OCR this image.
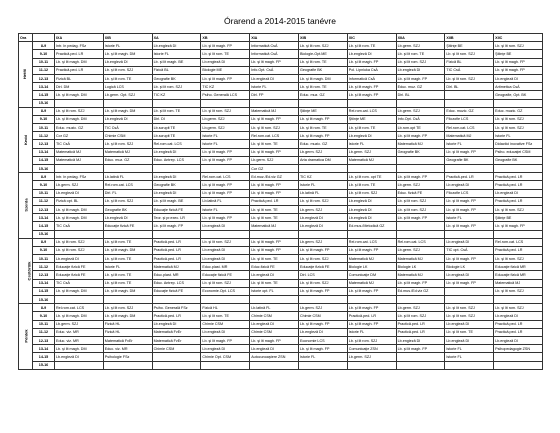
Órarend a 2014-2015 tanévre
Ora		IXA	IXB	XA	XB	XIA	XIB	XIC	XIIA	XIIB	XIIC
Hétfő	8-9	Intr. în pedag. FSz	Istorie FL	Lb.engleză DI	Lb. şi lit magh. FP	Informatică CsÁ	Lb. şi lit rom. SZJ	Lb. şi lit rom. TE	Lb.germ. SZJ	Ştiinţe BE	Lb. şi lit rom. SZJ
	9-10	Practică.ped. LR	Lb. şi lit magh. DM	Istorie FL	Lb. şi lit rom. TE	Informatică CsÁ	Biologie-Opt.ME	Lb.engleză DI	Lb. şi lit rom. TE	Lb. şi lit rom. SZJ	Ştiinţe BE
	10-11	Lb. şi lit magh. DM	Lb.engleză DI	Lb. şi lit magh. BE	Lb.engleză DI	Lb. şi lit magh. FP	Lb. şi lit rom. TE	Lb. şi lit magh. FP	Lb. şi lit rom. SZJ	Fizică BL	Lb. şi lit magh. FP
	11-12	Practică.ped. LR	Lb. şi lit rom. SZJ	Fizică BL	Biologie ME	Info.Opt. CsÁ	Geografie BK	Pol. Lipniuka CsÁ	Lb.engleză DI	TIC CsÁ	Lb. şi lit magh. FP
	12-13	Fizică BL	Lb. şi lit rom. TE	Geografie BK	Lb. şi lit magh. FP	Lb.engleză DI	Lb. şi lit magh. DM	Informatică CsÁ	Lb. şi lit magh. FP	Lb. şi lit rom. SZJ	Lb.engleză DI
	13-14	Dirl. DM	Logică LCS	Lb. şi lit rom. SZJ	TIC KZ	Istorie FL	Lb. şi lit rom. TE	Lb. şi lit magh. FP	Educ. muz. GZ	Dirl. BL	Aritmetica CsÁ
	14-15	Lb. şi lit magh. DM	Lb.germ. Opt. SZJ	TIC KZ	Psiho. Generală LCS	Dirl. FP	Educ. muz. GZ	Lb. şi lit magh. FP	Dirl. BL		Geografie, Opt. BK
	15-16										
Kedd	8-9	Lb. şi lit rom. SZJ	Lb. şi lit magh. DM	Lb. şi lit rom. TE	Lb. şi lit rom. SZJ	Matematică MJ	Ştiinţe ME	Rel.rom.cat. LCS	Lb.germ. SZJ	Educ. muzic. GZ	Educ. muzic. GZ
	9-10	Lb. şi lit magh. DM	Lb.engleză DI	Dirl. DI	Lb.germ. SZJ	Lb. şi lit magh. FP	Lb. şi lit magh. FP	Ştiinţe ME	Info.Opt. CsÁ	Filozofie LCS	Lb. şi lit rom. SZJ
	10-11	Educ. muzic. GZ	TIC CsÁ	Lb.scrupit TE	Lb.germ. SZJ	Lb. şi lit rom. SZJ	Lb. şi lit rom. TE	Lb. şi lit rom. TE	Lb.rom.opt TE	Rel.rom.cat. LCS	Lb. şi lit rom. SZJ
	11-12	Cor GZ	Chimie CSM	Lb.scrupit TE	Istorie FL	Rel.rom.cat. LCS	Lb. şi lit magh. FP	Lb.engleză DI	Lb. şi lit magh. FP	Matematică MJ	Istorie FL
	12-13	TIC CsÁ	Lb. şi lit rom. SZJ	Rel.rom.cat. LCS	Istorie FL	Lb. şi lit rom. TE	Educ. muzic. GZ	Istorie FL	Matematică MJ	Istorie FL	Didactici inovative FSz
	13-14	Matematică MJ	Matematică MJ	Lb.engleză DI	Lb. şi lit magh. FP	Lb. şi lit magh. FP	Lb.germ. SZJ	Lb.germ. SZJ	Geografie BK	Lb. şi lit magh. FP	Psiho. educaţiei CSM
	14-15	Matematică MJ	Educ. muz. GZ	Educ. Antrep. LCS	Lb. şi lit magh. FP	Lb.germ. SZJ	Arta dramatica DM	Matematică MJ		Geografie BK	Geografie BK
	15-16					Cor GZ					
Szerda	8-9	Intr. în pedag. FSz	Lb.latină FL	Lb.engleză DI	Rel.rom.cat. LCS	Ed.muz./Ed.viz GZ	TIC KZ	Lb. şi lit rom. opt TE	Lb. şi lit magh. FP	Practică.ped. LR	Practică.ped. LR
	9-10	Lb.germ. SZJ	Rel.rom.cat. LCS	Geografie BK	Lb. şi lit magh. FP	Lb. şi lit magh. FP	Istorie FL	Lb. şi lit rom. TE	Lb.germ. SZJ	Lb.engleză DI	Practică.ped. LR
	10-11	Lb.engleză DI	Dirl. FL	Lb.engleză DI	Lb. şi lit magh. FP	Lb. şi lit magh. FP	Lb.latină FL	Lb. şi lit rom. SZJ	Educ. fizică FE	Filozofie LCS	Lb.engleză DI
	11-12	Fizică opt. BL	Lb. şi lit rom. SZJ	Lb. şi lit magh. BE	Lb.latină FL	Practică.ped. LR	Lb. şi lit rom. SZJ	Lb.engleză DI	Lb. şi lit rom. SZJ	Lb. şi lit magh. FP	Practică.ped. LR
	12-13	Lb. şi lit magh. DM	Geografie BK	Educaţie fizică FE	Istorie FL	Lb. şi lit rom. TE	Lb.germ. SZJ	Lb.engleză DI	Lb. şi lit rom. SZJ	Lb. şi lit magh. FP	Lb. şi lit rom. SZJ
	13-14	Lb. şi lit magh. DM	Lb.engleză DI	Teor. şi pr.exec. LR	Lb. şi lit magh. FP	Lb. şi lit rom. TE	Lb.engleză DI	Lb.engleză DI	Lb. şi lit magh. FP	Istorie FL	Ştiinţe BE
	14-15	TIC CsÁ	Educaţie fizică FE	Lb. şi lit magh. FP	Lb.engleză DI	Matematică MJ	Lb.engleză DI	Ed.mus./Metodică GZ		Lb. şi lit magh. FP	Lb. şi lit magh. FP
	15-16										
Csütörtök	8-9	Lb. şi lit rom. SZJ	Lb. şi lit rom. TE	Practică.ped. LR	Lb. şi lit rom. SZJ	Lb. şi lit magh. FP	Lb.germ. SZJ	Rel.rom.cat. LCS	Rel.rom.cat. LCS	Lb.engleză DI	Rel.rom.cat. LCS
	9-10	Lb. şi lit rom. SZJ	Lb. şi lit magh. DM	Practică.ped. LR	Lb.engleză DI	Lb. şi lit magh. FP	Lb. şi lit magh. FP	Lb. şi lit magh. FP	Lb.germ. SZJ	TIC opt. CsÁ	Practică.ped. LR
	10-11	Lb.engleză DI	Lb. şi lit rom. TE	Practică.ped. LR	Lb.engleză DI	Lb. şi lit rom. TE	Lb. şi lit rom. SZJ	Matematică MJ	Matematică MJ	Lb. şi lit magh. FP	Lb. şi lit rom. SZJ
	11-12	Educaţie fizică FE	Istorie FL	Matematică MJ	Educ.plast. MR	Educ.fizică FE	Educaţie fizică FE	Biologie LK	Biologie LK	Biologie LK	Educaţie fizică MR
	12-13	Educaţie fizică FE	Lb. şi lit rom. TE	Educ.plast. MR	Educaţie fizică FE	Lb.engleză DI	Dirl. LCS	Comunicaţie DM	Matematică MJ	Lb.engleză DI	Educaţie fizică MR
	13-14	TIC CsÁ	Lb. şi lit rom. TE	Educ. Antrep. LCS	Lb. şi lit rom. SZJ	Lb. şi lit rom. TE	Lb. şi lit rom. SZJ	Matematică MJ	Lb. şi lit magh. FP	Lb. şi lit magh. FP	Matematică MJ
	14-15	Lb. şi lit magh. DM	Lb. şi lit magh. DM	Educaţie fizică FE	Economie.Opt. LCS	Istorie opt. FL	Lb. şi lit magh. FP	Lb. şi lit magh. FP	Ed.mus./Ed.viz GZ		Lb. şi lit rom. SZJ
	15-16										
Péntek	8-9	Rel.rom.cat. LCS	Lb. şi lit rom. SZJ	Psiho. Generală FSz	Fizică HL	Lb.latină FL	Lb.germ. SZJ	Lb. şi lit magh. FP	Lb.germ. SZJ	Lb. şi lit rom. SZJ	Lb. şi lit rom. SZJ
	9-10	Lb. şi lit magh. DM	Lb. şi lit magh. DM	Practică.ped. LR	Lb. şi lit rom. TE	Chimie CSM	Chimie CSM	Practică.ped. LR	Lb. şi lit rom. SZJ	Lb. şi lit rom. SZJ	Lb.engleză DI
	10-11	Lb.germ. SZJ	Fizică HL	Lb.engleză DI	Chimie CSM	Lb.engleză DI	Lb. şi lit magh. FP	Lb. şi lit magh. FP	Practică.ped. LR	Lb.engleză DI	Practică.ped. LR
	11-12	Educ. viz. MR	Fizică HL	Matematică FvEr	Lb.engleză DI	Chimie CSM	Lb.engleză DI	Istorie FL	Practică.ped. LR	Lb. şi lit rom. TE	Practică.ped. LR
	12-13	Educ. viz. MR	Matematică FvEr	Matematică FvEr	Lb. şi lit magh. FP	Lb. şi lit magh. FP	Economie LCS	Lb. şi lit rom. SZJ	Lb.engleză DI	Lb.engleză DI	Lb.engleză DI
	13-14	Lb. şi lit magh. DM	Educ. viz. MR	Chimie CSM	Lb.engleză DI	Lb.engleză DI	Lb. şi lit magh. FP	Comunicaţie ZSN	Lb. şi lit magh. FP	Istorie FL	Psihopedagogie ZSN
	14-15	Lb.engleză DI	Psihologie FSz		Chimie Opt. CSM	Autocunoaştere ZSN	Istorie FL	Lb.germ. SZJ		Istorie FL	
	15-16										
